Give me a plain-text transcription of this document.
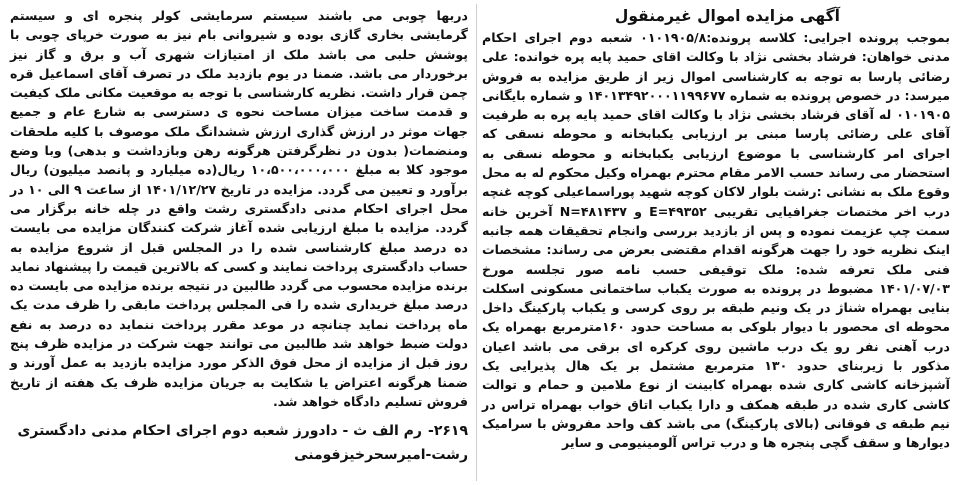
آگهی مزایده اموال غیرمنقول

بموجب پرونده اجرایی: کلاسه پرونده:۰۱۰۱۹۰۵/۸ شعبه دوم اجرای احکام مدنی خواهان: فرشاد بخشی نژاد با وکالت اقای حمید پایه پره خوانده: علی رضائی پارسا به توجه به کارشناسی اموال زیر از طریق مزایده به فروش میرسد: در خصوص پرونده به شماره ۱۴۰۱۳۴۹۲۰۰۰۱۱۹۹۶۷۷ و شماره بایگانی ۰۱۰۱۹۰۵ له آقای فرشاد بخشی نژاد با وکالت اقای حمید پایه پره به طرفیت آقای علی رضائی پارسا مبنی بر ارزیابی یکبابخانه و محوطه نسقی که اجرای امر کارشناسی با موضوع ارزیابی یکبابخانه و محوطه نسقی به استحضار می رساند حسب الامر مقام محترم بهمراه وکیل محکوم له به محل وقوع ملک به نشانی :رشت بلوار لاکان کوچه شهید پوراسماعیلی کوچه غنچه درب اخر مختصات جغرافیایی تقریبی E=۴۹۳۵۲ و N=۴۸۱۴۳۷ آخرین خانه سمت چپ عزیمت نموده و پس از بازدید بررسی وانجام تحقیقات همه جانبه اینک نظریه خود را جهت هرگونه اقدام مقتضی بعرض می رساند: مشخصات فنی ملک تعرفه شده: ملک توقیفی حسب نامه صور تجلسه مورخ ۱۴۰۱/۰۷/۰۳ مضبوط در پرونده به صورت یکباب ساختمانی مسکونی اسکلت بنایی بهمراه شناژ در یک ونیم طبقه بر روی کرسی و یکباب پارکینگ داخل محوطه ای محصور با دیوار بلوکی به مساحت حدود ۱۶۰مترمربع بهمراه یک درب آهنی نفر رو یک درب ماشین روی کرکره ای برقی می باشد اعیان مذکور با زیربنای حدود ۱۳۰ مترمربع مشتمل بر یک هال پذیرایی یک آشپزخانه کاشی کاری شده بهمراه کابینت از نوع ملامین و حمام و توالت کاشی کاری شده در طبقه همکف و دارا یکباب اتاق خواب بهمراه تراس در نیم طبقه ی فوقانی (بالای پارکینگ) می باشد کف واحد مفروش با سرامیک دیوارها و سقف گچی پنجره ها و درب تراس آلومینیومی و سایر

دربها چوبی می باشند سیستم سرمایشی کولر پنجره ای و سیستم گرمایشی بخاری گازی بوده و شیروانی بام نیز به صورت خرپای چوبی با پوشش حلبی می باشد ملک از امتیازات شهری آب و برق و گاز نیز برخوردار می باشد. ضمنا در یوم بازدید ملک در تصرف آقای اسماعیل قره چمن قرار داشت. نظریه کارشناسی با توجه به موقعیت مکانی ملک کیفیت و قدمت ساخت میزان مساحت نحوه ی دسترسی به شارع عام و جمیع جهات موثر در ارزش گذاری ارزش ششدانگ ملک موصوف با کلیه ملحقات ومنضمات( بدون در نظرگرفتن هرگونه رهن وبازداشت و بدهی) وبا وضع موجود کلا به مبلغ ۱۰،۵۰۰،۰۰۰،۰۰۰ ریال(ده میلیارد و پانصد میلیون) ریال برآورد و تعیین می گردد. مزایده در تاریخ ۱۴۰۱/۱۲/۲۷ از ساعت ۹ الی ۱۰ در محل اجرای احکام مدنی دادگستری رشت واقع در چله خانه برگزار می گردد. مزایده با مبلغ ارزیابی شده آغاز شرکت کنندگان مزایده می بایست ده درصد مبلغ کارشناسی شده را در المجلس قبل از شروع مزایده به حساب دادگستری پرداخت نمایند و کسی که بالاترین قیمت را پیشنهاد نماید برنده مزایده محسوب می گردد طالبین در نتیجه برنده مزایده می بایست ده درصد مبلغ خریداری شده را فی المجلس پرداخت مابقی را ظرف مدت یک ماه پرداخت نماید چنانچه در موعد مقرر پرداخت ننماید ده درصد به نفع دولت ضبط خواهد شد طالبین می توانند جهت شرکت در مزایده ظرف پنج روز قبل از مزایده از محل فوق الذکر مورد مزایده بازدید به عمل آورند و ضمنا هرگونه اعتراض یا شکایت به جریان مزایده ظرف یک هفته از تاریخ فروش تسلیم دادگاه خواهد شد.

۲۶۱۹-رم الف ث - دادورز شعبه دوم اجرای احکام مدنی دادگستری
رشت-امیرسحرخیزفومنی
